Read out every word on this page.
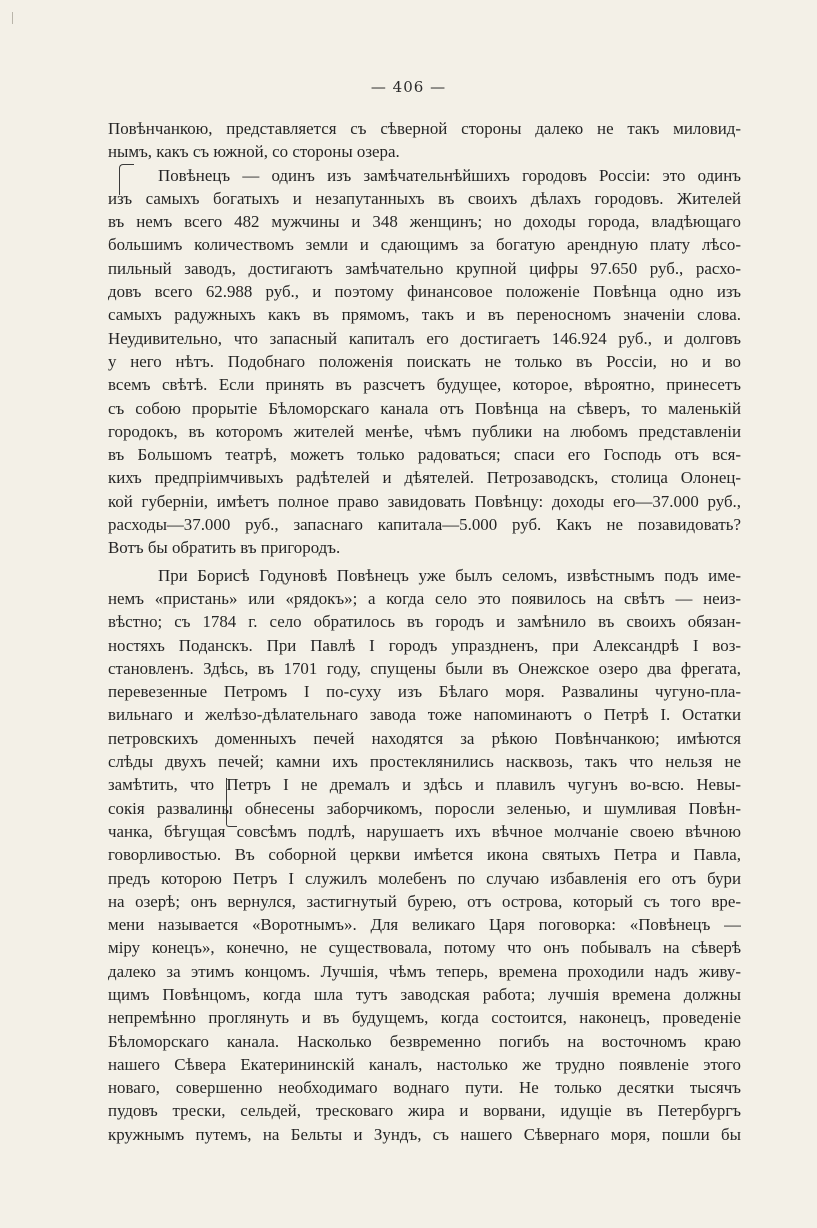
— 406 —
Повѣнчанкою, представляется съ сѣверной стороны далеко не такъ миловид-
нымъ, какъ съ южной, со стороны озера.
Повѣнецъ — одинъ изъ замѣчательнѣйшихъ городовъ Россіи: это одинъ
изъ самыхъ богатыхъ и незапутанныхъ въ своихъ дѣлахъ городовъ. Жителей
въ немъ всего 482 мужчины и 348 женщинъ; но доходы города, владѣющаго
большимъ количествомъ земли и сдающимъ за богатую арендную плату лѣсо-
пильный заводъ, достигаютъ замѣчательно крупной цифры 97.650 руб., расхо-
довъ всего 62.988 руб., и поэтому финансовое положеніе Повѣнца одно изъ
самыхъ радужныхъ какъ въ прямомъ, такъ и въ переносномъ значеніи слова.
Неудивительно, что запасный капиталъ его достигаетъ 146.924 руб., и долговъ
у него нѣтъ. Подобнаго положенія поискать не только въ Россіи, но и во
всемъ свѣтѣ. Если принять въ разсчетъ будущее, которое, вѣроятно, принесетъ
съ собою прорытіе Бѣломорскаго канала отъ Повѣнца на сѣверъ, то маленькій
городокъ, въ которомъ жителей менѣе, чѣмъ публики на любомъ представленіи
въ Большомъ театрѣ, можетъ только радоваться; спаси его Господь отъ вся-
кихъ предпріимчивыхъ радѣтелей и дѣятелей. Петрозаводскъ, столица Олонец-
кой губерніи, имѣетъ полное право завидовать Повѣнцу: доходы его—37.000 руб.,
расходы—37.000 руб., запаснаго капитала—5.000 руб. Какъ не позавидовать?
Вотъ бы обратить въ пригородъ.
При Борисѣ Годуновѣ Повѣнецъ уже былъ селомъ, извѣстнымъ подъ име-
немъ «пристань» или «рядокъ»; а когда село это появилось на свѣтъ — неиз-
вѣстно; съ 1784 г. село обратилось въ городъ и замѣнило въ своихъ обязан-
ностяхъ Поданскъ. При Павлѣ I городъ упраздненъ, при Александрѣ I воз-
становленъ. Здѣсь, въ 1701 году, спущены были въ Онежское озеро два фрегата,
перевезенные Петромъ I по-суху изъ Бѣлаго моря. Развалины чугуно-пла-
вильнаго и желѣзо-дѣлательнаго завода тоже напоминаютъ о Петрѣ I. Остатки
петровскихъ доменныхъ печей находятся за рѣкою Повѣнчанкою; имѣются
слѣды двухъ печей; камни ихъ простеклянились насквозь, такъ что нельзя не
замѣтить, что Петръ I не дремалъ и здѣсь и плавилъ чугунъ во-всю. Невы-
сокія развалины обнесены заборчикомъ, поросли зеленью, и шумливая Повѣн-
чанка, бѣгущая совсѣмъ подлѣ, нарушаетъ ихъ вѣчное молчаніе своею вѣчною
говорливостью. Въ соборной церкви имѣется икона святыхъ Петра и Павла,
предъ которою Петръ I служилъ молебенъ по случаю избавленія его отъ бури
на озерѣ; онъ вернулся, застигнутый бурею, отъ острова, который съ того вре-
мени называется «Воротнымъ». Для великаго Царя поговорка: «Повѣнецъ —
міру конецъ», конечно, не существовала, потому что онъ побывалъ на сѣверѣ
далеко за этимъ концомъ. Лучшія, чѣмъ теперь, времена проходили надъ живу-
щимъ Повѣнцомъ, когда шла тутъ заводская работа; лучшія времена должны
непремѣнно проглянуть и въ будущемъ, когда состоится, наконецъ, проведеніе
Бѣломорскаго канала. Насколько безвременно погибъ на восточномъ краю
нашего Сѣвера Екатерининскій каналъ, настолько же трудно появленіе этого
новаго, совершенно необходимаго воднаго пути. Не только десятки тысячъ
пудовъ трески, сельдей, тресковаго жира и ворвани, идущіе въ Петербургъ
кружнымъ путемъ, на Бельты и Зундъ, съ нашего Сѣвернаго моря, пошли бы
